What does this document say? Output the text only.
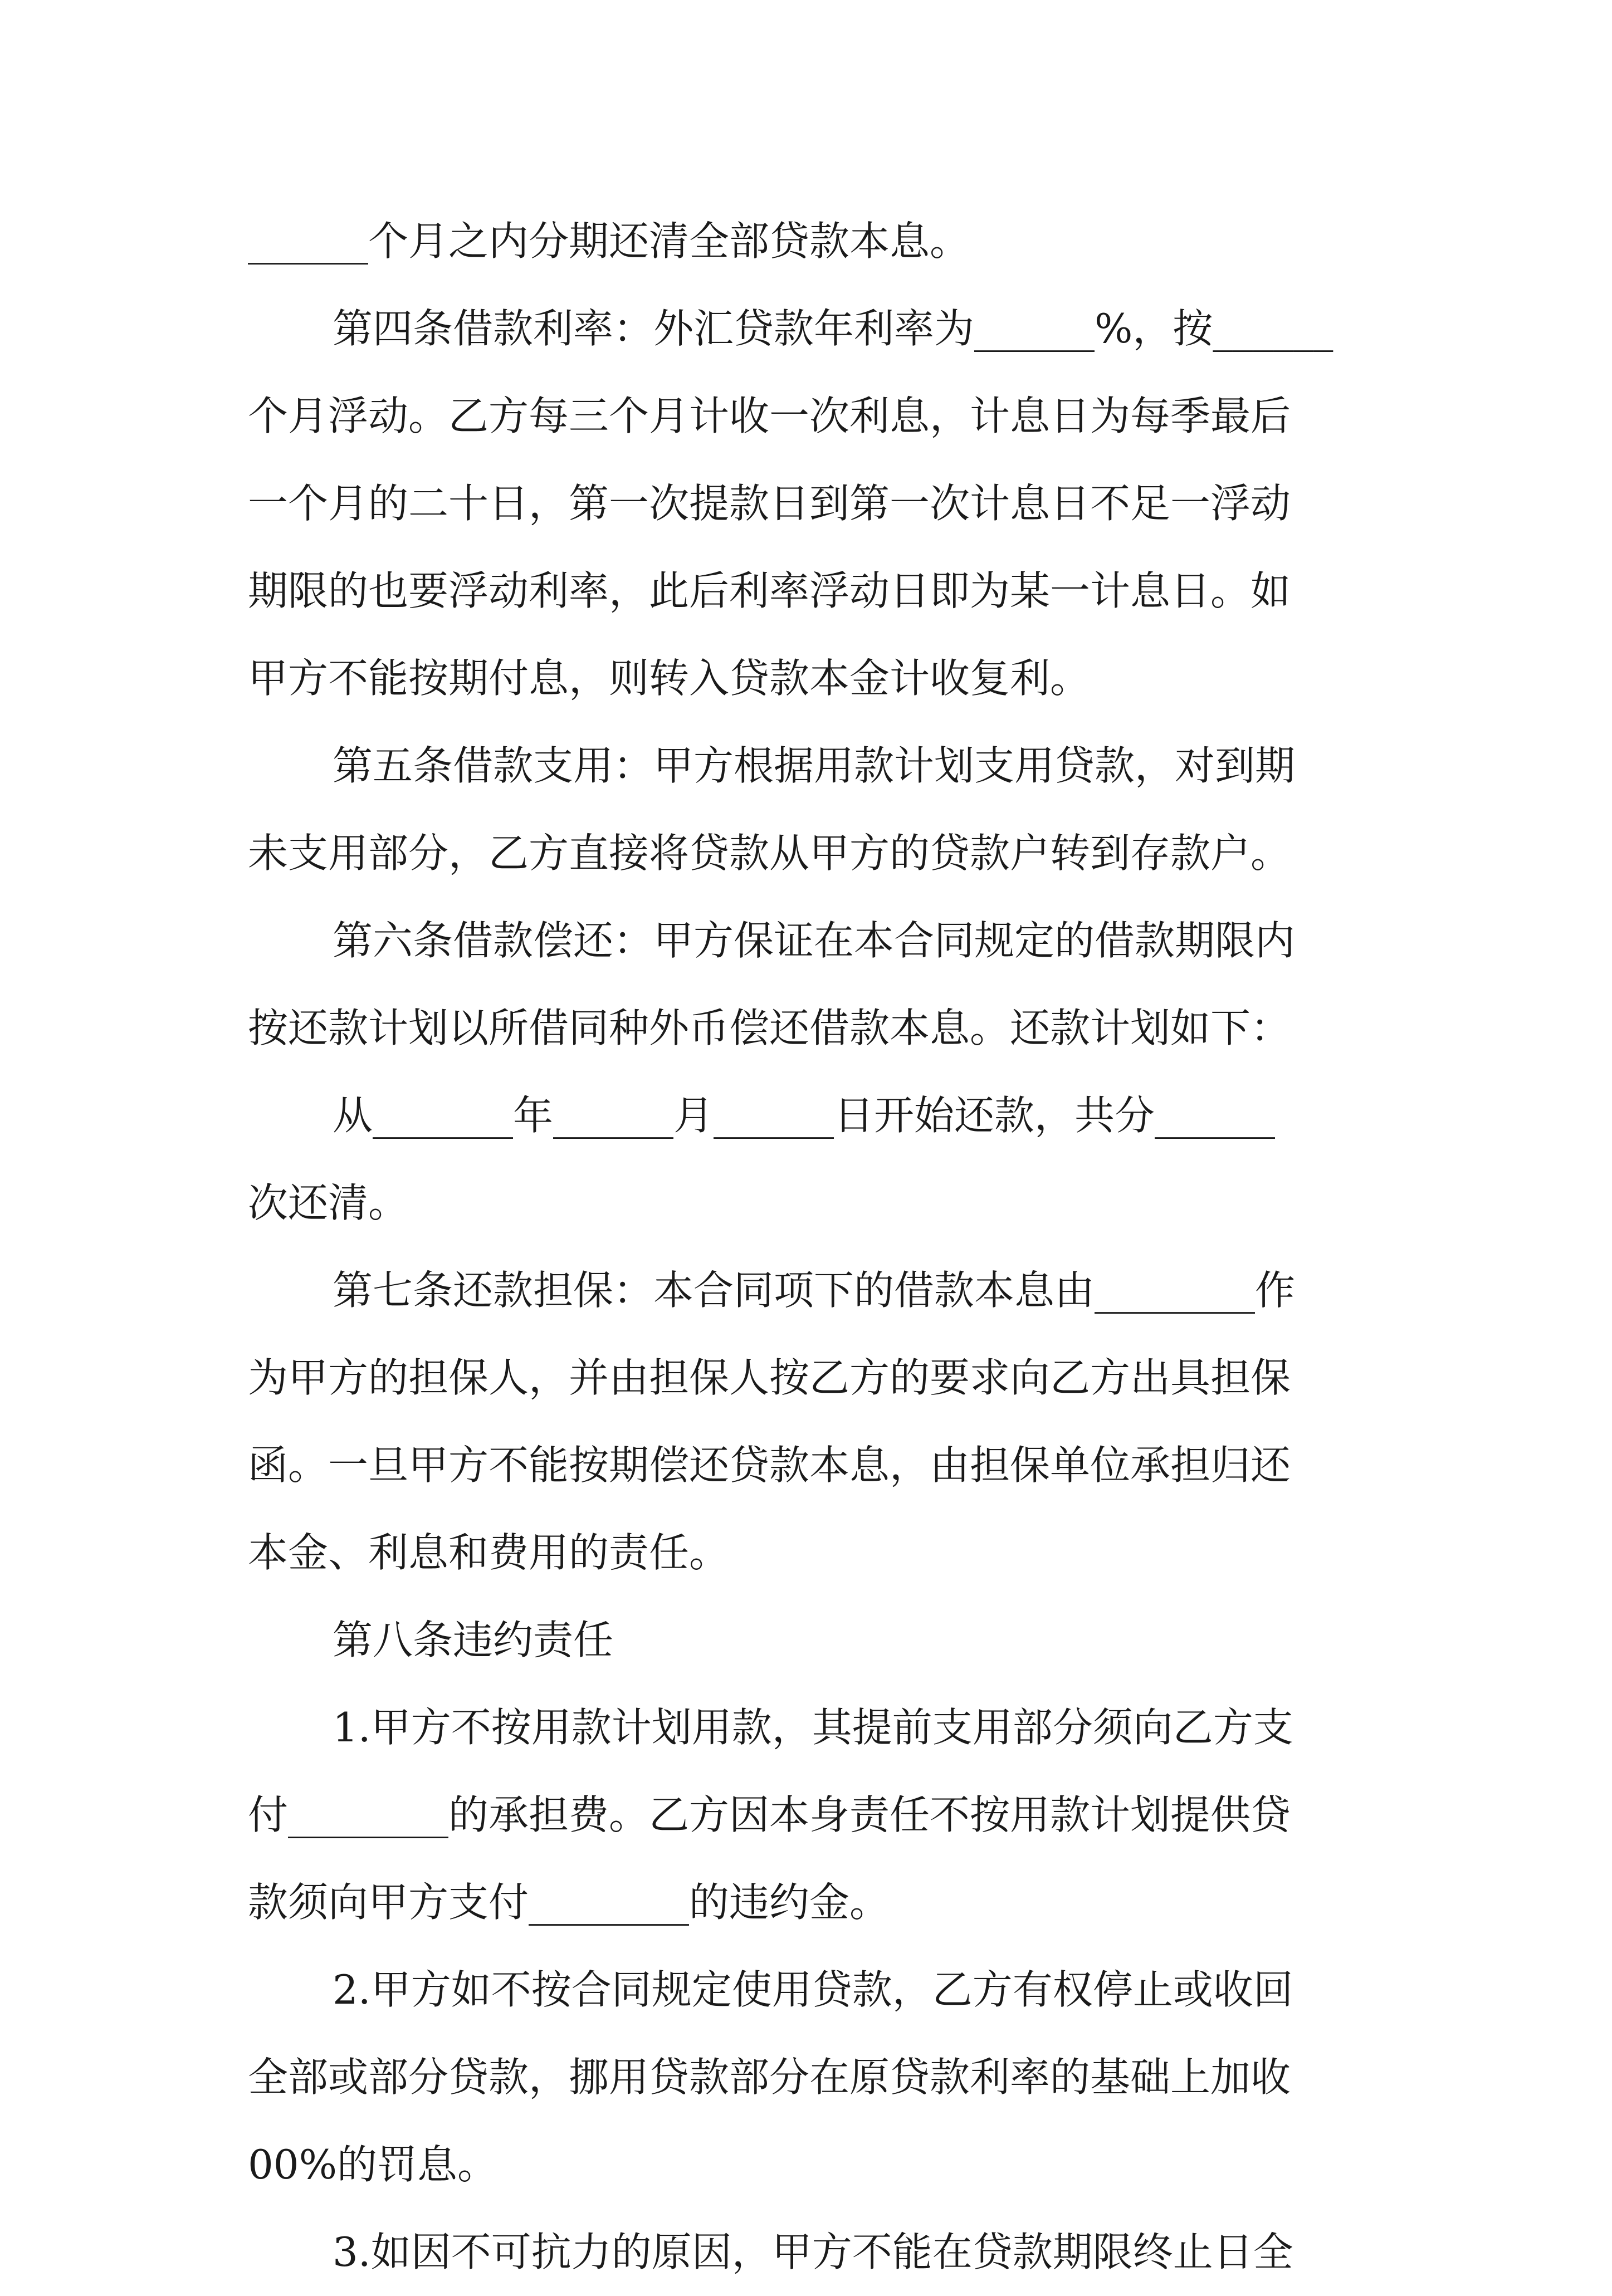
______个月之内分期还清全部贷款本息。
第四条借款利率：外汇贷款年利率为______%，按______
个月浮动。乙方每三个月计收一次利息，计息日为每季最后
一个月的二十日，第一次提款日到第一次计息日不足一浮动
期限的也要浮动利率，此后利率浮动日即为某一计息日。如
甲方不能按期付息，则转入贷款本金计收复利。
第五条借款支用：甲方根据用款计划支用贷款，对到期
未支用部分，乙方直接将贷款从甲方的贷款户转到存款户。
第六条借款偿还：甲方保证在本合同规定的借款期限内
按还款计划以所借同种外币偿还借款本息。还款计划如下：
从_______年______月______日开始还款，共分______
次还清。
第七条还款担保：本合同项下的借款本息由________作
为甲方的担保人，并由担保人按乙方的要求向乙方出具担保
函。一旦甲方不能按期偿还贷款本息，由担保单位承担归还
本金、利息和费用的责任。
第八条违约责任
1.甲方不按用款计划用款，其提前支用部分须向乙方支
付________的承担费。乙方因本身责任不按用款计划提供贷
款须向甲方支付________的违约金。
2.甲方如不按合同规定使用贷款，乙方有权停止或收回
全部或部分贷款，挪用贷款部分在原贷款利率的基础上加收
00%的罚息。
3.如因不可抗力的原因，甲方不能在贷款期限终止日全
